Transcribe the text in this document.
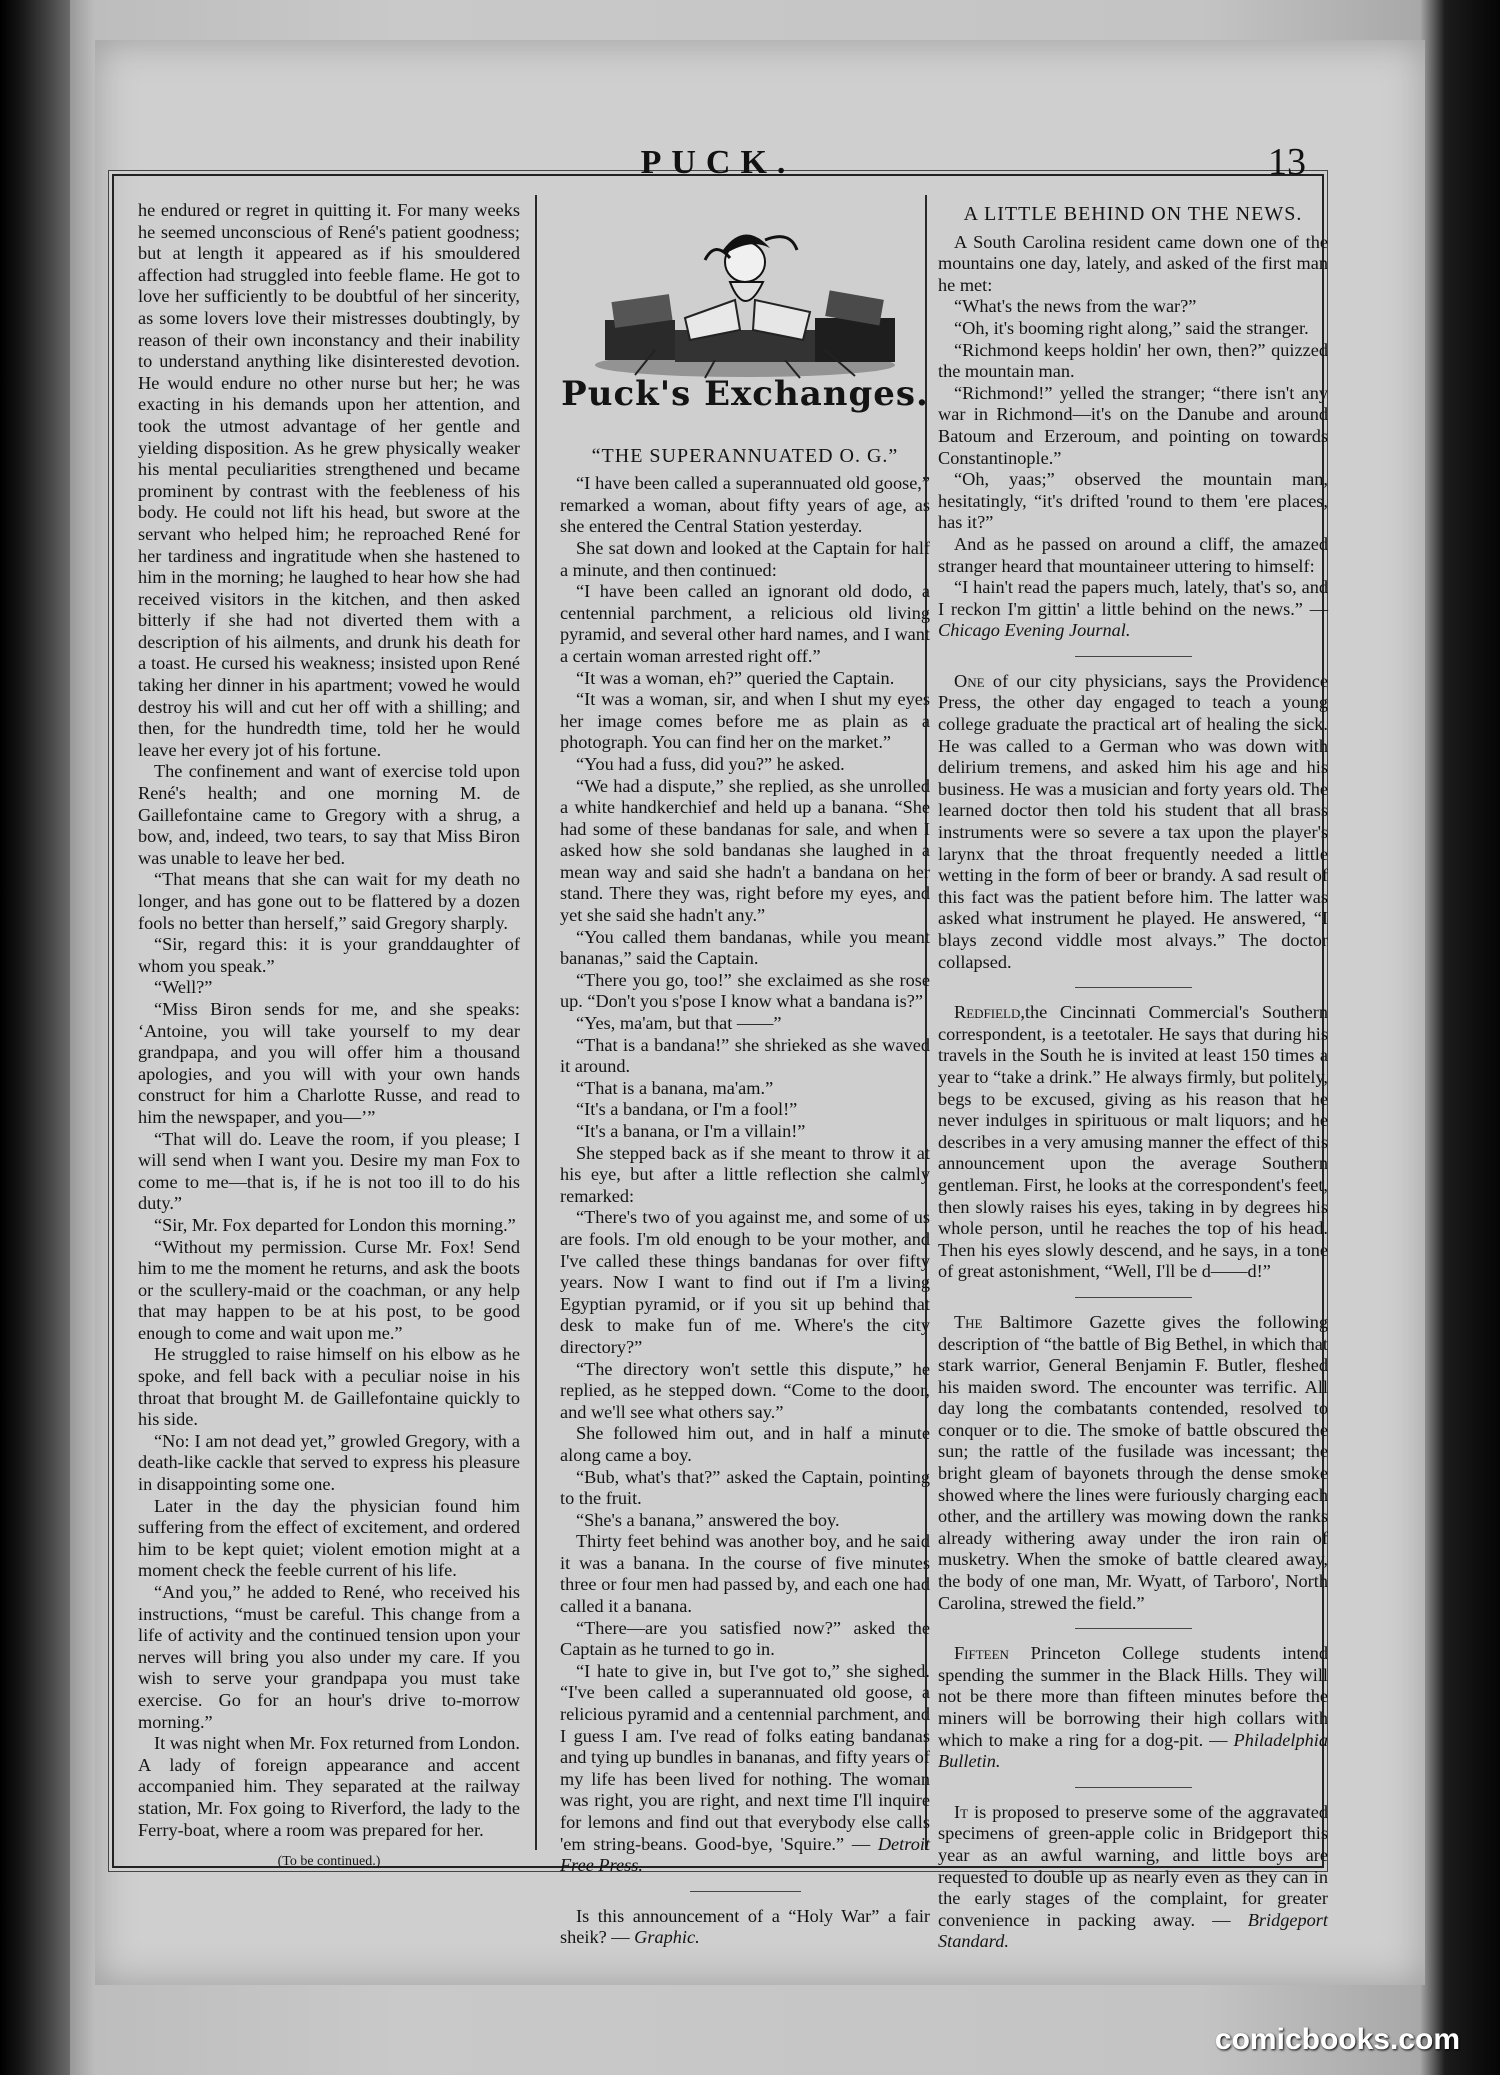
PUCK.	13

he endured or regret in quitting it. For many weeks he seemed unconscious of René's patient goodness; but at length it appeared as if his smouldered affection had struggled into feeble flame. He got to love her sufficiently to be doubtful of her sincerity, as some lovers love their mistresses doubtingly, by reason of their own inconstancy and their inability to understand anything like disinterested devotion. He would endure no other nurse but her; he was exacting in his demands upon her attention, and took the utmost advantage of her gentle and yielding disposition. As he grew physically weaker his mental peculiarities strengthened und became prominent by contrast with the feebleness of his body. He could not lift his head, but swore at the servant who helped him; he reproached René for her tardiness and ingratitude when she hastened to him in the morning; he laughed to hear how she had received visitors in the kitchen, and then asked bitterly if she had not diverted them with a description of his ailments, and drunk his death for a toast. He cursed his weakness; insisted upon René taking her dinner in his apartment; vowed he would destroy his will and cut her off with a shilling; and then, for the hundredth time, told her he would leave her every jot of his fortune.

The confinement and want of exercise told upon René's health; and one morning M. de Gaillefontaine came to Gregory with a shrug, a bow, and, indeed, two tears, to say that Miss Biron was unable to leave her bed.

“That means that she can wait for my death no longer, and has gone out to be flattered by a dozen fools no better than herself,” said Gregory sharply.

“Sir, regard this: it is your granddaughter of whom you speak.”

“Well?”

“Miss Biron sends for me, and she speaks: ‘Antoine, you will take yourself to my dear grandpapa, and you will offer him a thousand apologies, and you will with your own hands construct for him a Charlotte Russe, and read to him the newspaper, and you—’”

“That will do. Leave the room, if you please; I will send when I want you. Desire my man Fox to come to me—that is, if he is not too ill to do his duty.”

“Sir, Mr. Fox departed for London this morning.”

“Without my permission. Curse Mr. Fox! Send him to me the moment he returns, and ask the boots or the scullery-maid or the coachman, or any help that may happen to be at his post, to be good enough to come and wait upon me.”

He struggled to raise himself on his elbow as he spoke, and fell back with a peculiar noise in his throat that brought M. de Gaillefontaine quickly to his side.

“No: I am not dead yet,” growled Gregory, with a death-like cackle that served to express his pleasure in disappointing some one.

Later in the day the physician found him suffering from the effect of excitement, and ordered him to be kept quiet; violent emotion might at a moment check the feeble current of his life.

“And you,” he added to René, who received his instructions, “must be careful. This change from a life of activity and the continued tension upon your nerves will bring you also under my care. If you wish to serve your grandpapa you must take exercise. Go for an hour's drive to-morrow morning.”

It was night when Mr. Fox returned from London. A lady of foreign appearance and accent accompanied him. They separated at the railway station, Mr. Fox going to Riverford, the lady to the Ferry-boat, where a room was prepared for her.

(To be continued.)
Puck's Exchanges.
“THE SUPERANNUATED O. G.”

“I have been called a superannuated old goose,” remarked a woman, about fifty years of age, as she entered the Central Station yesterday.

She sat down and looked at the Captain for half a minute, and then continued:

“I have been called an ignorant old dodo, a centennial parchment, a relicious old living pyramid, and several other hard names, and I want a certain woman arrested right off.”

“It was a woman, eh?” queried the Captain.

“It was a woman, sir, and when I shut my eyes her image comes before me as plain as a photograph. You can find her on the market.”

“You had a fuss, did you?” he asked.

“We had a dispute,” she replied, as she unrolled a white handkerchief and held up a banana. “She had some of these bandanas for sale, and when I asked how she sold bandanas she laughed in a mean way and said she hadn't a bandana on her stand. There they was, right before my eyes, and yet she said she hadn't any.”

“You called them bandanas, while you meant bananas,” said the Captain.

“There you go, too!” she exclaimed as she rose up. “Don't you s'pose I know what a bandana is?”

“Yes, ma'am, but that ——”

“That is a bandana!” she shrieked as she waved it around.

“That is a banana, ma'am.”

“It's a bandana, or I'm a fool!”

“It's a banana, or I'm a villain!”

She stepped back as if she meant to throw it at his eye, but after a little reflection she calmly remarked:

“There's two of you against me, and some of us are fools. I'm old enough to be your mother, and I've called these things bandanas for over fifty years. Now I want to find out if I'm a living Egyptian pyramid, or if you sit up behind that desk to make fun of me. Where's the city directory?”

“The directory won't settle this dispute,” he replied, as he stepped down. “Come to the door, and we'll see what others say.”

She followed him out, and in half a minute along came a boy.

“Bub, what's that?” asked the Captain, pointing to the fruit.

“She's a banana,” answered the boy.

Thirty feet behind was another boy, and he said it was a banana. In the course of five minutes three or four men had passed by, and each one had called it a banana.

“There—are you satisfied now?” asked the Captain as he turned to go in.

“I hate to give in, but I've got to,” she sighed. “I've been called a superannuated old goose, a relicious pyramid and a centennial parchment, and I guess I am. I've read of folks eating bandanas and tying up bundles in bananas, and fifty years of my life has been lived for nothing. The woman was right, you are right, and next time I'll inquire for lemons and find out that everybody else calls 'em string-beans. Good-bye, 'Squire.” — Detroit Free Press.

Is this announcement of a “Holy War” a fair sheik? — Graphic.

A LITTLE BEHIND ON THE NEWS.

A South Carolina resident came down one of the mountains one day, lately, and asked of the first man he met:

“What's the news from the war?”

“Oh, it's booming right along,” said the stranger.

“Richmond keeps holdin' her own, then?” quizzed the mountain man.

“Richmond!” yelled the stranger; “there isn't any war in Richmond—it's on the Danube and around Batoum and Erzeroum, and pointing on towards Constantinople.”

“Oh, yaas;” observed the mountain man, hesitatingly, “it's drifted 'round to them 'ere places, has it?”

And as he passed on around a cliff, the amazed stranger heard that mountaineer uttering to himself:

“I hain't read the papers much, lately, that's so, and I reckon I'm gittin' a little behind on the news.” — Chicago Evening Journal.

One of our city physicians, says the Providence Press, the other day engaged to teach a young college graduate the practical art of healing the sick. He was called to a German who was down with delirium tremens, and asked him his age and his business. He was a musician and forty years old. The learned doctor then told his student that all brass instruments were so severe a tax upon the player's larynx that the throat frequently needed a little wetting in the form of beer or brandy. A sad result of this fact was the patient before him. The latter was asked what instrument he played. He answered, “I blays zecond viddle most alvays.” The doctor collapsed.

Redfield,the Cincinnati Commercial's Southern correspondent, is a teetotaler. He says that during his travels in the South he is invited at least 150 times a year to “take a drink.” He always firmly, but politely, begs to be excused, giving as his reason that he never indulges in spirituous or malt liquors; and he describes in a very amusing manner the effect of this announcement upon the average Southern gentleman. First, he looks at the correspondent's feet, then slowly raises his eyes, taking in by degrees his whole person, until he reaches the top of his head. Then his eyes slowly descend, and he says, in a tone of great astonishment, “Well, I'll be d——d!”

The Baltimore Gazette gives the following description of “the battle of Big Bethel, in which that stark warrior, General Benjamin F. Butler, fleshed his maiden sword. The encounter was terrific. All day long the combatants contended, resolved to conquer or to die. The smoke of battle obscured the sun; the rattle of the fusilade was incessant; the bright gleam of bayonets through the dense smoke showed where the lines were furiously charging each other, and the artillery was mowing down the ranks already withering away under the iron rain of musketry. When the smoke of battle cleared away, the body of one man, Mr. Wyatt, of Tarboro', North Carolina, strewed the field.”

Fifteen Princeton College students intend spending the summer in the Black Hills. They will not be there more than fifteen minutes before the miners will be borrowing their high collars with which to make a ring for a dog-pit. — Philadelphia Bulletin.

It is proposed to preserve some of the aggravated specimens of green-apple colic in Bridgeport this year as an awful warning, and little boys are requested to double up as nearly even as they can in the early stages of the complaint, for greater convenience in packing away. — Bridgeport Standard.

comicbooks.com
